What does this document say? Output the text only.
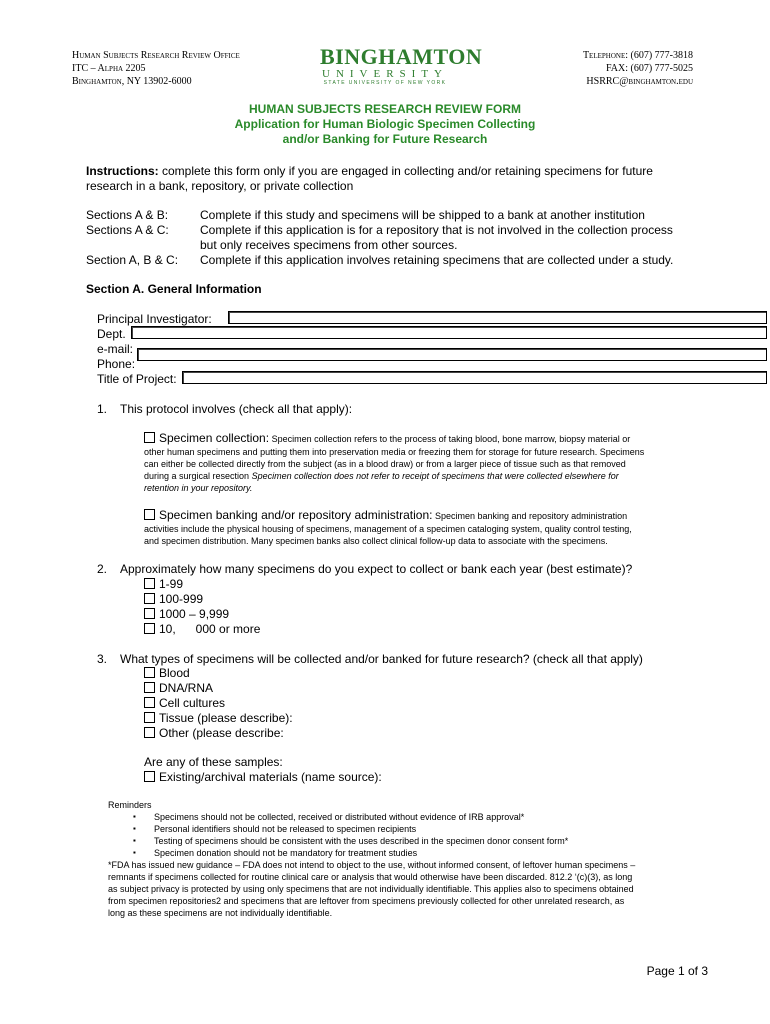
Human Subjects Research Review Office
ITC – Alpha 2205
Binghamton, NY 13902-6000
BINGHAMTON
UNIVERSITY
STATE UNIVERSITY OF NEW YORK
Telephone: (607) 777-3818
FAX: (607) 777-5025
HSRRC@binghamton.edu
HUMAN SUBJECTS RESEARCH REVIEW FORM
Application for Human Biologic Specimen Collecting
and/or Banking for Future Research
Instructions: complete this form only if you are engaged in collecting and/or retaining specimens for future
research in a bank, repository, or private collection
Sections A & B:	Complete if this study and specimens will be shipped to a bank at another institution
Sections A & C:	Complete if this application is for a repository that is not involved in the collection process
but only receives specimens from other sources.
Section A, B & C: Complete if this application involves retaining specimens that are collected under a study.
Section A. General Information
Principal Investigator:
Dept.
e-mail:
Phone:
Title of Project:
1. This protocol involves (check all that apply):
Specimen collection: Specimen collection refers to the process of taking blood, bone marrow, biopsy material or
other human specimens and putting them into preservation media or freezing them for storage for future research. Specimens
can either be collected directly from the subject (as in a blood draw) or from a larger piece of tissue such as that removed
during a surgical resection Specimen collection does not refer to receipt of specimens that were collected elsewhere for
retention in your repository.
Specimen banking and/or repository administration: Specimen banking and repository administration
activities include the physical housing of specimens, management of a specimen cataloging system, quality control testing,
and specimen distribution. Many specimen banks also collect clinical follow-up data to associate with the specimens.
2. Approximately how many specimens do you expect to collect or bank each year (best estimate)?
1-99
100-999
1000 – 9,999
10,      000 or more
3. What types of specimens will be collected and/or banked for future research? (check all that apply)
Blood
DNA/RNA
Cell cultures
Tissue (please describe):
Other (please describe:
Are any of these samples:
Existing/archival materials (name source):
Reminders
▪ Specimens should not be collected, received or distributed without evidence of IRB approval*
▪ Personal identifiers should not be released to specimen recipients
▪ Testing of specimens should be consistent with the uses described in the specimen donor consent form*
▪ Specimen donation should not be mandatory for treatment studies
*FDA has issued new guidance – FDA does not intend to object to the use, without informed consent, of leftover human specimens –
remnants if specimens collected for routine clinical care or analysis that would otherwise have been discarded. 812.2 ‘(c)(3), as long
as subject privacy is protected by using only specimens that are not individually identifiable. This applies also to specimens obtained
from specimen repositories2 and specimens that are leftover from specimens previously collected for other unrelated research, as
long as these specimens are not individually identifiable.
Page 1 of 3
